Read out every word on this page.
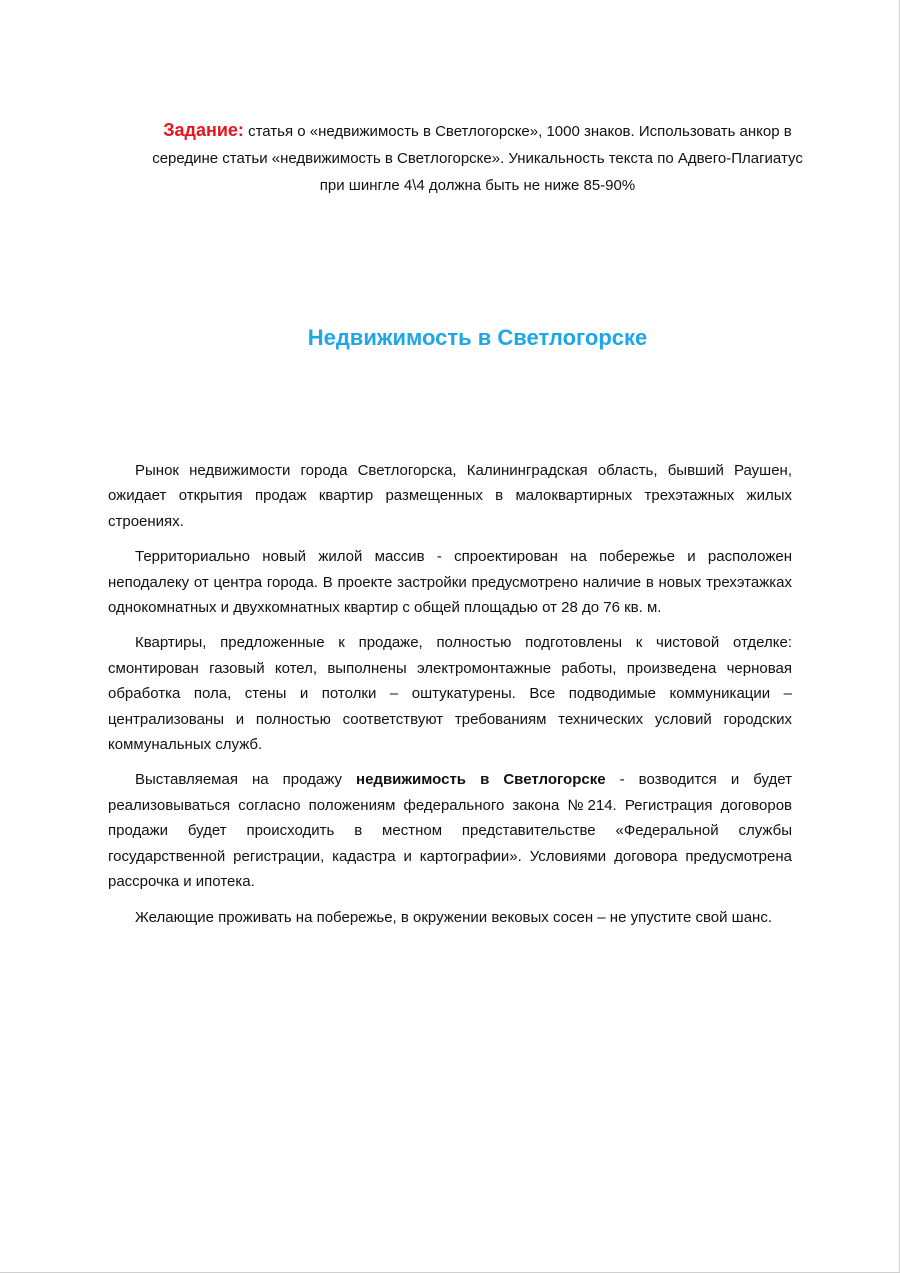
Задание: статья о «недвижимость в Светлогорске», 1000 знаков. Использовать анкор в середине статьи «недвижимость в Светлогорске». Уникальность текста по Адвего-Плагиатус при шингле 4\4 должна быть не ниже 85-90%
Недвижимость в Светлогорске

Рынок недвижимости города Светлогорска, Калининградская область, бывший Раушен, ожидает открытия продаж квартир размещенных в малоквартирных трехэтажных жилых строениях.

Территориально новый жилой массив - спроектирован на побережье и расположен неподалеку от центра города. В проекте застройки предусмотрено наличие в новых трехэтажках однокомнатных и двухкомнатных квартир с общей площадью от 28 до 76 кв. м.

Квартиры, предложенные к продаже, полностью подготовлены к чистовой отделке: смонтирован газовый котел, выполнены электромонтажные работы, произведена черновая обработка пола, стены и потолки – оштукатурены. Все подводимые коммуникации – централизованы и полностью соответствуют требованиям технических условий городских коммунальных служб.

Выставляемая на продажу недвижимость в Светлогорске - возводится и будет реализовываться согласно положениям федерального закона №214. Регистрация договоров продажи будет происходить в местном представительстве «Федеральной службы государственной регистрации, кадастра и картографии». Условиями договора предусмотрена рассрочка и ипотека.

Желающие проживать на побережье, в окружении вековых сосен – не упустите свой шанс.
